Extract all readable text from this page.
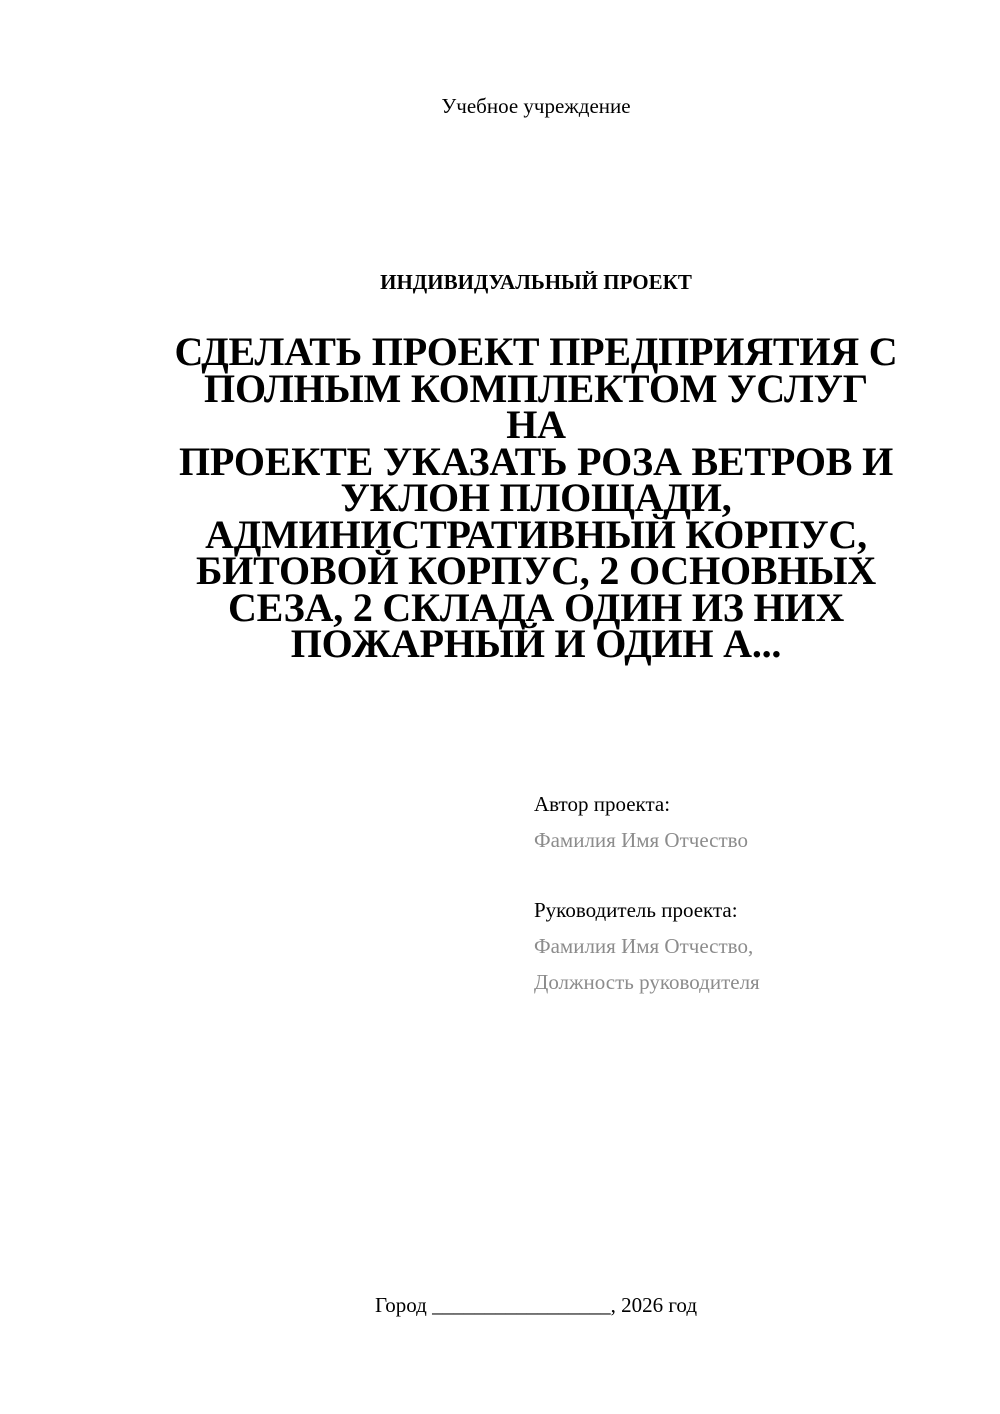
Учебное учреждение
ИНДИВИДУАЛЬНЫЙ ПРОЕКТ
СДЕЛАТЬ ПРОЕКТ ПРЕДПРИЯТИЯ С
ПОЛНЫМ КОМПЛЕКТОМ УСЛУГ НА
ПРОЕКТЕ УКАЗАТЬ РОЗА ВЕТРОВ И
УКЛОН ПЛОЩАДИ,
АДМИНИСТРАТИВНЫЙ КОРПУС,
БИТОВОЙ КОРПУС, 2 ОСНОВНЫХ
СЕЗА, 2 СКЛАДА ОДИН ИЗ НИХ
ПОЖАРНЫЙ И ОДИН А...
Автор проекта:
Фамилия Имя Отчество
Руководитель проекта:
Фамилия Имя Отчество,
Должность руководителя
Город _________________, 2026 год
